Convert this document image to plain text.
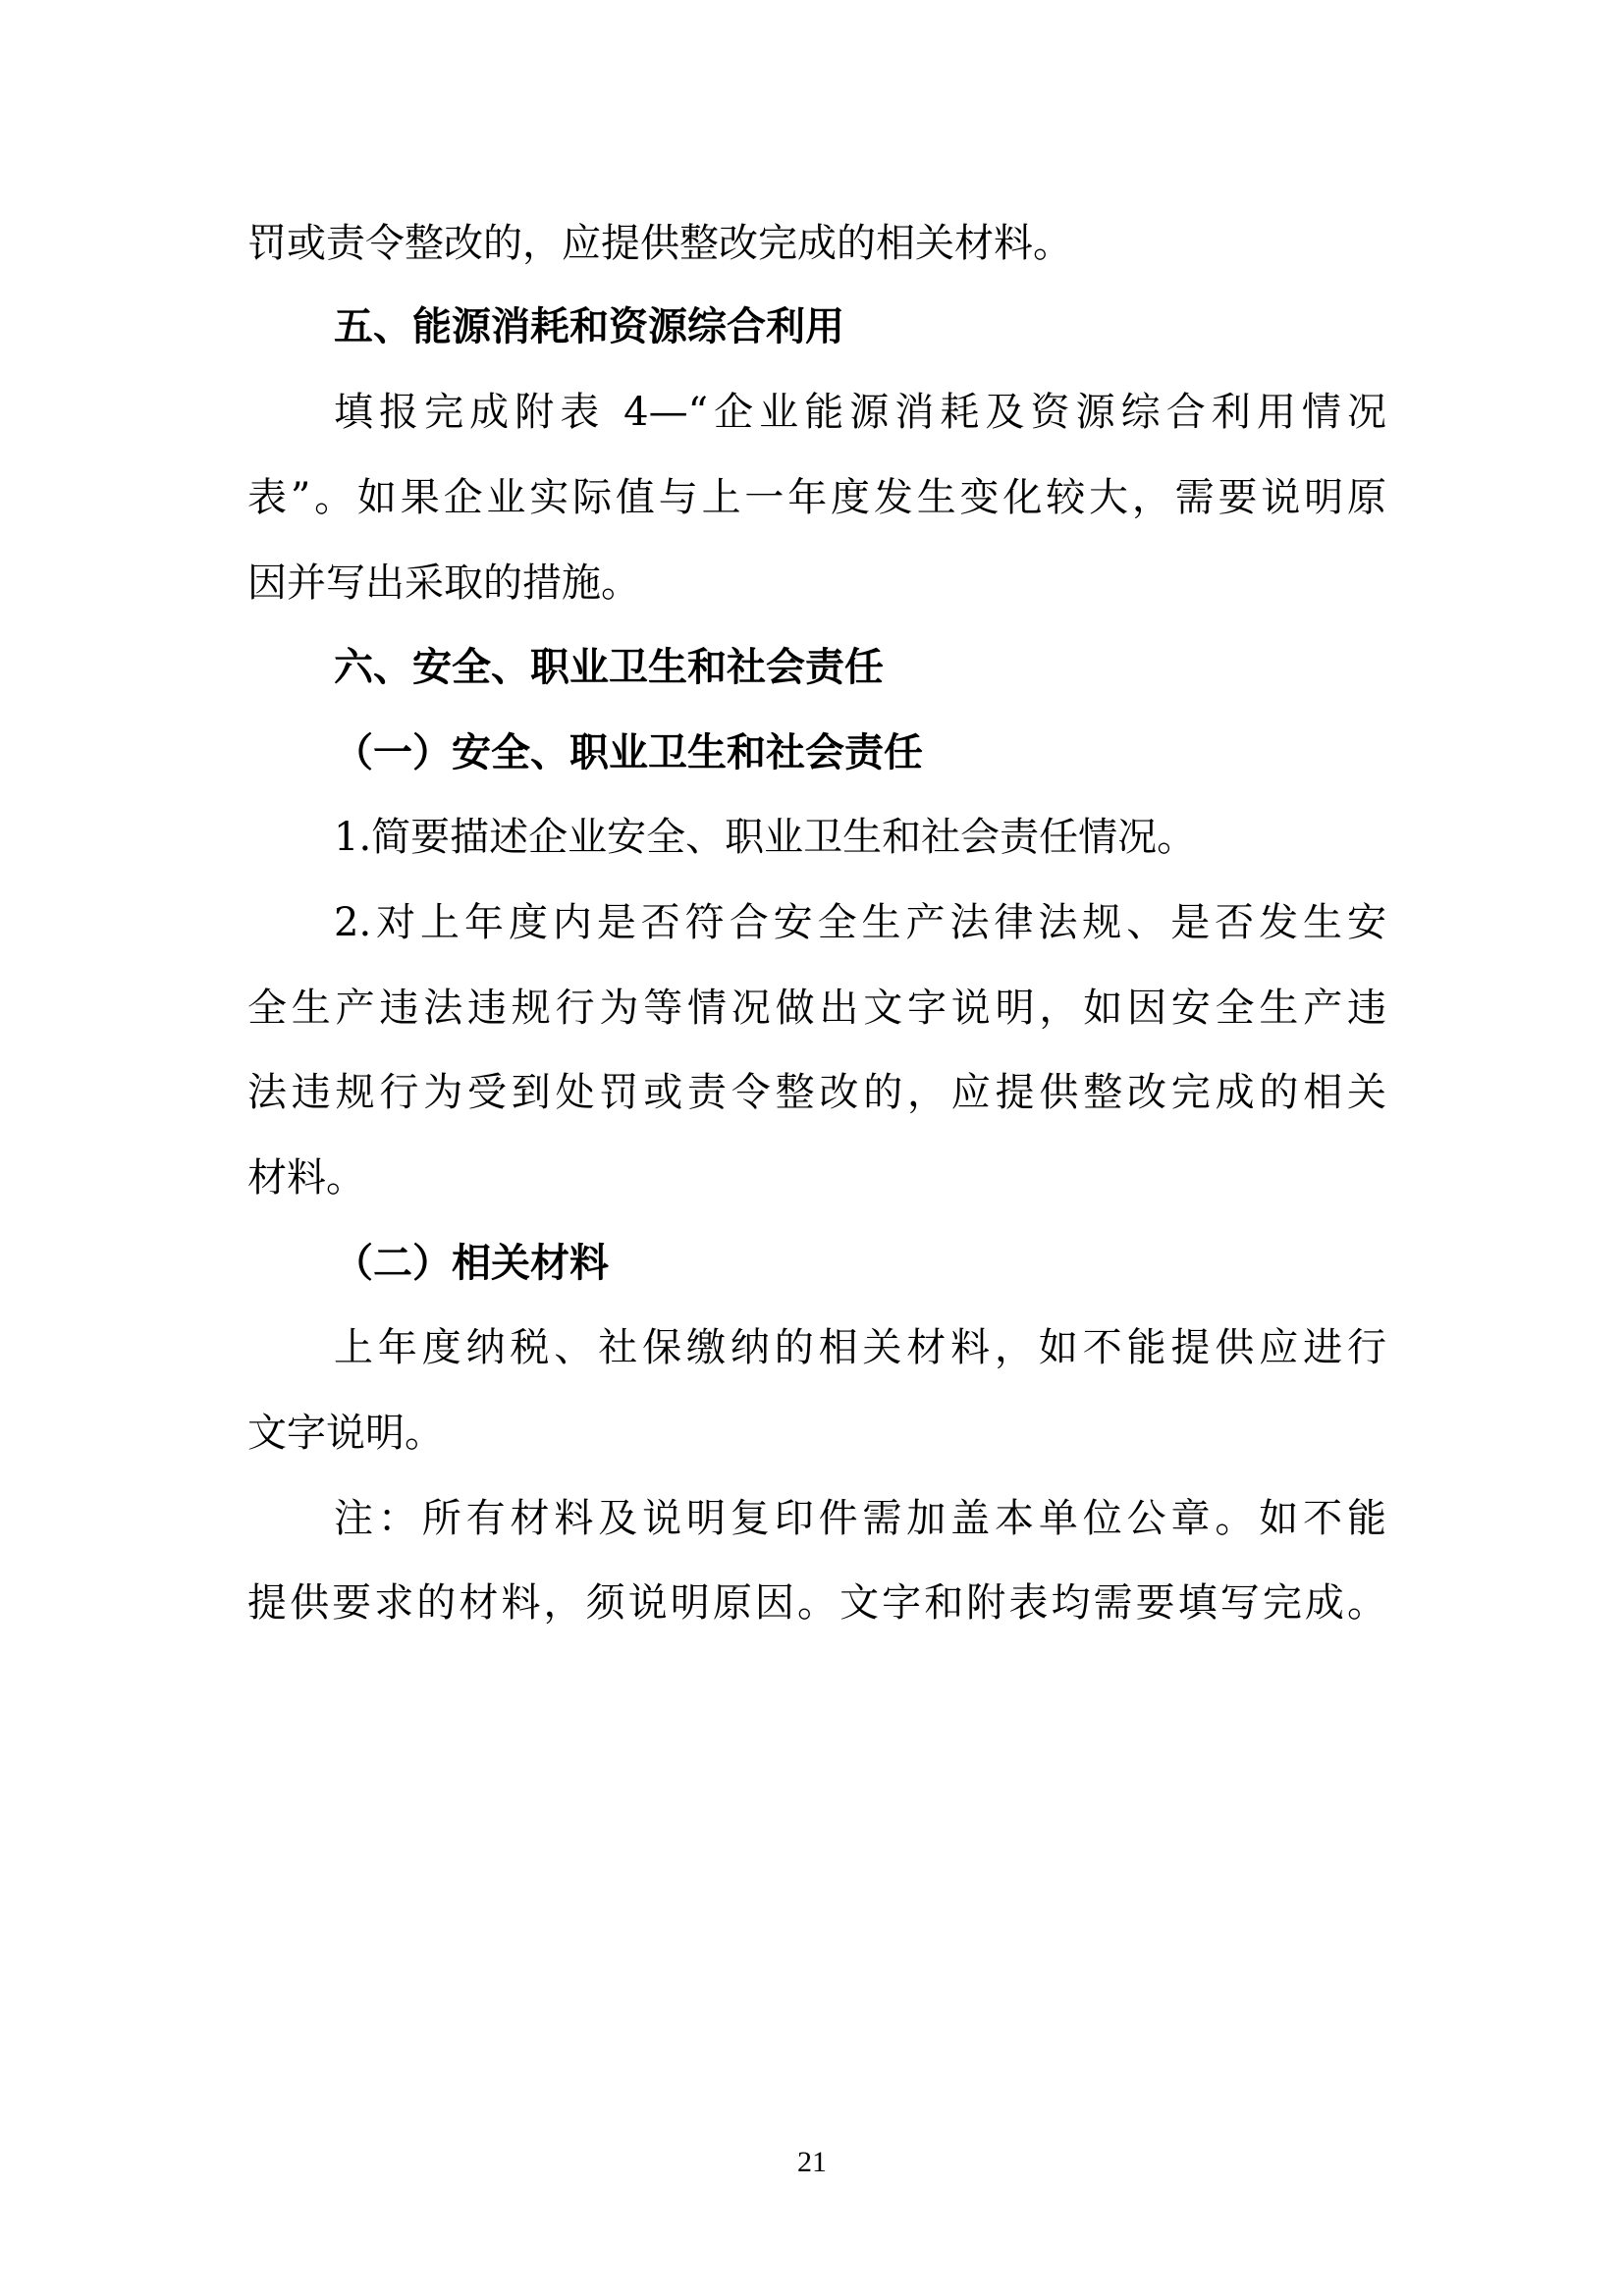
罚或责令整改的，应提供整改完成的相关材料。
五、能源消耗和资源综合利用
填报完成附表 4—“企业能源消耗及资源综合利用情况
表”。如果企业实际值与上一年度发生变化较大，需要说明原
因并写出采取的措施。
六、安全、职业卫生和社会责任
（一）安全、职业卫生和社会责任
1.简要描述企业安全、职业卫生和社会责任情况。
2.对上年度内是否符合安全生产法律法规、是否发生安
全生产违法违规行为等情况做出文字说明，如因安全生产违
法违规行为受到处罚或责令整改的，应提供整改完成的相关
材料。
（二）相关材料
上年度纳税、社保缴纳的相关材料，如不能提供应进行
文字说明。
注：所有材料及说明复印件需加盖本单位公章。如不能
提供要求的材料，须说明原因。文字和附表均需要填写完成。
21
